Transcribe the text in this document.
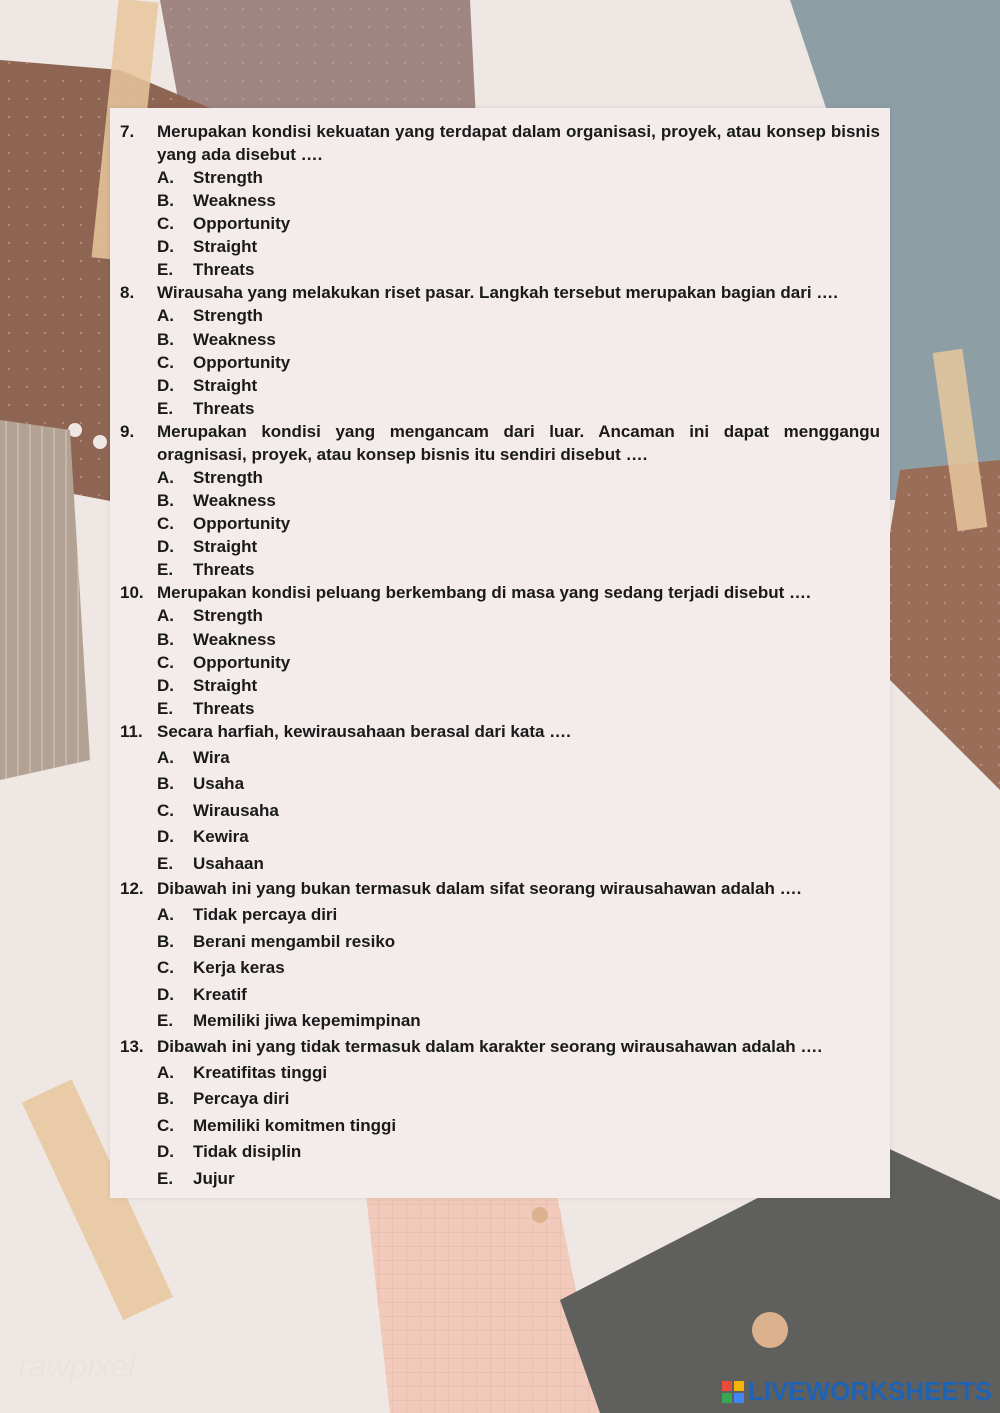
7. Merupakan kondisi kekuatan yang terdapat dalam organisasi, proyek, atau konsep bisnis yang ada disebut ….
A. Strength
B. Weakness
C. Opportunity
D. Straight
E. Threats
8. Wirausaha yang melakukan riset pasar. Langkah tersebut merupakan bagian dari ….
A. Strength
B. Weakness
C. Opportunity
D. Straight
E. Threats
9. Merupakan kondisi yang mengancam dari luar. Ancaman ini dapat menggangu oragnisasi, proyek, atau konsep bisnis itu sendiri disebut ….
A. Strength
B. Weakness
C. Opportunity
D. Straight
E. Threats
10. Merupakan kondisi peluang berkembang di masa yang sedang terjadi disebut ….
A. Strength
B. Weakness
C. Opportunity
D. Straight
E. Threats
11. Secara harfiah, kewirausahaan berasal dari kata ….
A. Wira
B. Usaha
C. Wirausaha
D. Kewira
E. Usahaan
12. Dibawah ini yang bukan termasuk dalam sifat seorang wirausahawan adalah ….
A. Tidak percaya diri
B. Berani mengambil resiko
C. Kerja keras
D. Kreatif
E. Memiliki jiwa kepemimpinan
13. Dibawah ini yang tidak termasuk dalam karakter seorang wirausahawan adalah ….
A. Kreatifitas tinggi
B. Percaya diri
C. Memiliki komitmen tinggi
D. Tidak disiplin
E. Jujur
rawpixel
LIVEWORKSHEETS
